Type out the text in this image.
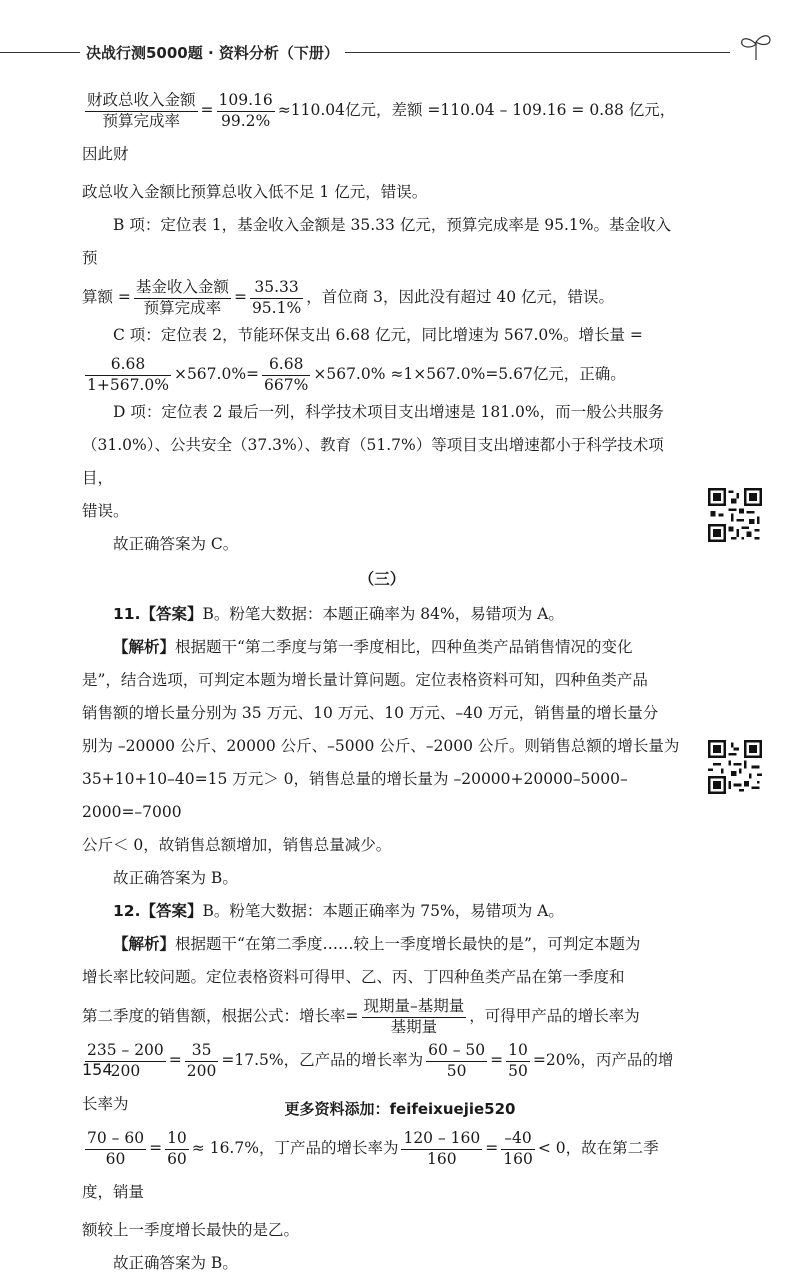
决战行测5000题 · 资料分析（下册）

财政总收入金额
预算完成率
= $\frac{109.16}{99.2\%} \approx 110.04$亿元，差额 =110.04 – 109.16 = 0.88 亿元，因此财

政总收入金额比预算总收入低不足 1 亿元，错误。

B 项：定位表 1，基金收入金额是 35.33 亿元，预算完成率是 95.1%。基金收入预

算额 =
基金收入金额
预算完成率
= $\frac{35.33}{95.1\%}$ ，首位商 3，因此没有超过 40 亿元，错误。

C 项：定位表 2，节能环保支出 6.68 亿元，同比增速为 567.0%。增长量 =

$\frac{6.68}{1+567.0\%} \times 567.0\%= \frac{6.68}{667\%} \times 567.0\% \approx 1\times 567.0\%=5.67$亿元，正确。

D 项：定位表 2 最后一列，科学技术项目支出增速是 181.0%，而一般公共服务

（31.0%）、公共安全（37.3%）、教育（51.7%）等项目支出增速都小于科学技术项目，

错误。

故正确答案为 C。

（三）

11.【答案】B。粉笔大数据：本题正确率为 84%，易错项为 A。

【解析】根据题干“第二季度与第一季度相比，四种鱼类产品销售情况的变化

是”，结合选项，可判定本题为增长量计算问题。定位表格资料可知，四种鱼类产品

销售额的增长量分别为 35 万元、10 万元、10 万元、–40 万元，销售量的增长量分

别为 –20000 公斤、20000 公斤、–5000 公斤、–2000 公斤。则销售总额的增长量为

35+10+10–40=15 万元＞ 0，销售总量的增长量为 –20000+20000–5000–2000=–7000

公斤＜ 0，故销售总额增加，销售总量减少。

故正确答案为 B。

12.【答案】B。粉笔大数据：本题正确率为 75%，易错项为 A。

【解析】根据题干“在第二季度……较上一季度增长最快的是”，可判定本题为

增长率比较问题。定位表格资料可得甲、乙、丙、丁四种鱼类产品在第一季度和

第二季度的销售额，根据公式：增长率=
现期量–基期量
基期量
，可得甲产品的增长率为

$\frac{235 - 200}{200} = \frac{35}{200} =17.5\%$，乙产品的增长率为 $\frac{60 - 50}{50} = \frac{10}{50} =20\%$，丙产品的增长率为

$\frac{70 - 60}{60} = \frac{10}{60} \approx 16.7\%$，丁产品的增长率为 $\frac{120 - 160}{160} = \frac{-40}{160} < 0$，故在第二季度，销量

额较上一季度增长最快的是乙。

故正确答案为 B。

154
更多资料添加：feifeixuejie520
